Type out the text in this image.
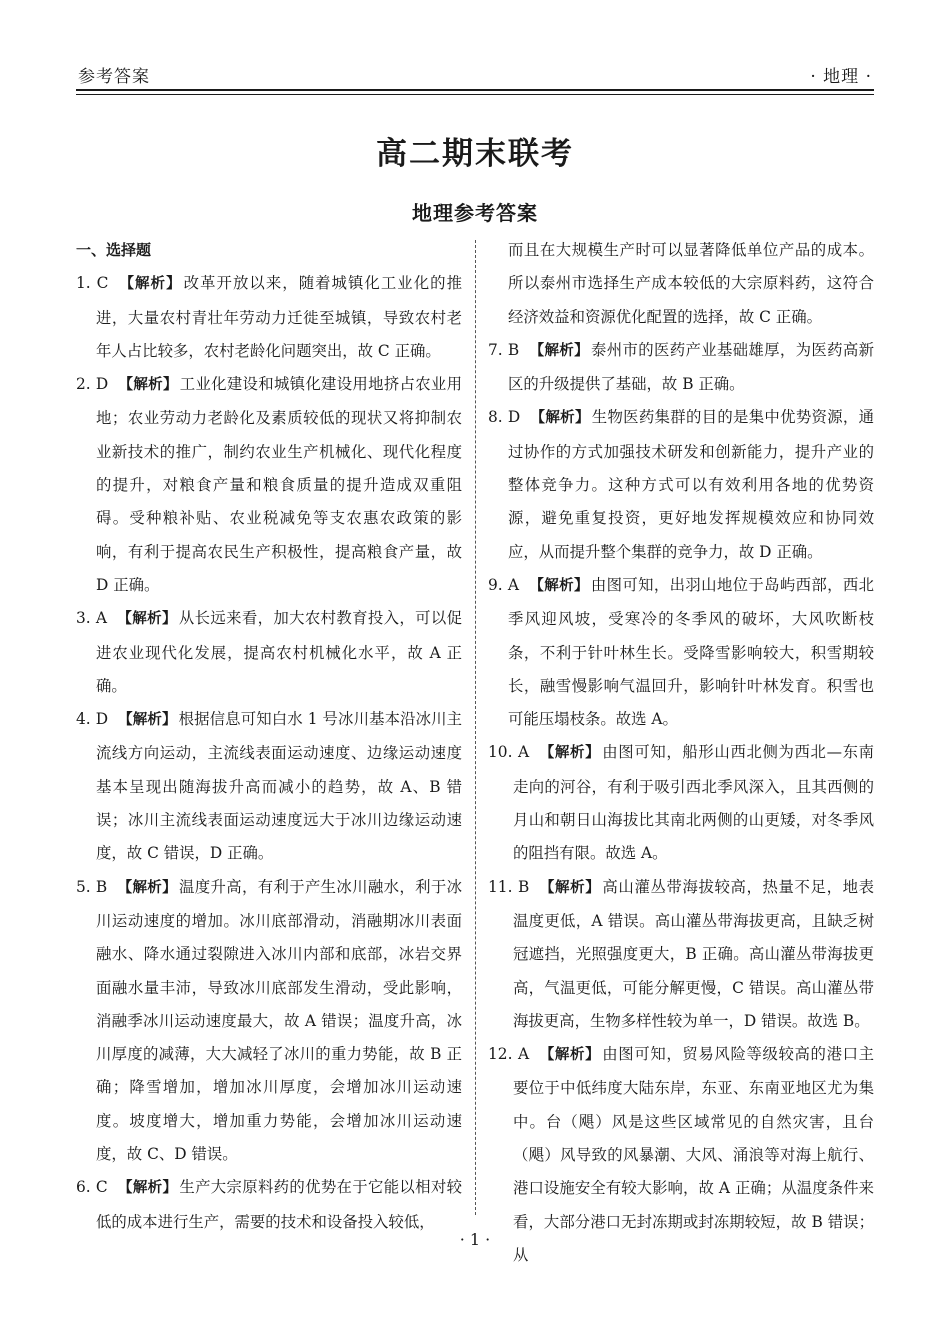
参考答案	· 地理 ·
高二期末联考
地理参考答案
一、选择题

1. C 【解析】 改革开放以来，随着城镇化工业化的推进，大量农村青壮年劳动力迁徙至城镇，导致农村老年人占比较多，农村老龄化问题突出，故 C 正确。

2. D 【解析】 工业化建设和城镇化建设用地挤占农业用地；农业劳动力老龄化及素质较低的现状又将抑制农业新技术的推广，制约农业生产机械化、现代化程度的提升，对粮食产量和粮食质量的提升造成双重阻碍。受种粮补贴、农业税减免等支农惠农政策的影响，有利于提高农民生产积极性，提高粮食产量，故 D 正确。

3. A 【解析】 从长远来看，加大农村教育投入，可以促进农业现代化发展，提高农村机械化水平，故 A 正确。

4. D 【解析】 根据信息可知白水 1 号冰川基本沿冰川主流线方向运动，主流线表面运动速度、边缘运动速度基本呈现出随海拔升高而减小的趋势，故 A、B 错误；冰川主流线表面运动速度远大于冰川边缘运动速度，故 C 错误，D 正确。

5. B 【解析】 温度升高，有利于产生冰川融水，利于冰川运动速度的增加。冰川底部滑动，消融期冰川表面融水、降水通过裂隙进入冰川内部和底部，冰岩交界面融水量丰沛，导致冰川底部发生滑动，受此影响，消融季冰川运动速度最大，故 A 错误；温度升高，冰川厚度的减薄，大大减轻了冰川的重力势能，故 B 正确；降雪增加，增加冰川厚度，会增加冰川运动速度。坡度增大，增加重力势能，会增加冰川运动速度，故 C、D 错误。

6. C 【解析】 生产大宗原料药的优势在于它能以相对较低的成本进行生产，需要的技术和设备投入较低，

而且在大规模生产时可以显著降低单位产品的成本。所以泰州市选择生产成本较低的大宗原料药，这符合经济效益和资源优化配置的选择，故 C 正确。

7. B 【解析】 泰州市的医药产业基础雄厚，为医药高新区的升级提供了基础，故 B 正确。

8. D 【解析】 生物医药集群的目的是集中优势资源，通过协作的方式加强技术研发和创新能力，提升产业的整体竞争力。这种方式可以有效利用各地的优势资源，避免重复投资，更好地发挥规模效应和协同效应，从而提升整个集群的竞争力，故 D 正确。

9. A 【解析】 由图可知，出羽山地位于岛屿西部，西北季风迎风坡，受寒冷的冬季风的破坏，大风吹断枝条，不利于针叶林生长。受降雪影响较大，积雪期较长，融雪慢影响气温回升，影响针叶林发育。积雪也可能压塌枝条。故选 A。

10. A 【解析】 由图可知，船形山西北侧为西北—东南走向的河谷，有利于吸引西北季风深入，且其西侧的月山和朝日山海拔比其南北两侧的山更矮，对冬季风的阻挡有限。故选 A。

11. B 【解析】 高山灌丛带海拔较高，热量不足，地表温度更低，A 错误。高山灌丛带海拔更高，且缺乏树冠遮挡，光照强度更大，B 正确。高山灌丛带海拔更高，气温更低，可能分解更慢，C 错误。高山灌丛带海拔更高，生物多样性较为单一，D 错误。故选 B。

12. A 【解析】 由图可知，贸易风险等级较高的港口主要位于中低纬度大陆东岸，东亚、东南亚地区尤为集中。台（飓）风是这些区域常见的自然灾害，且台（飓）风导致的风暴潮、大风、涌浪等对海上航行、港口设施安全有较大影响，故 A 正确；从温度条件来看，大部分港口无封冻期或封冻期较短，故 B 错误；从

· 1 ·
